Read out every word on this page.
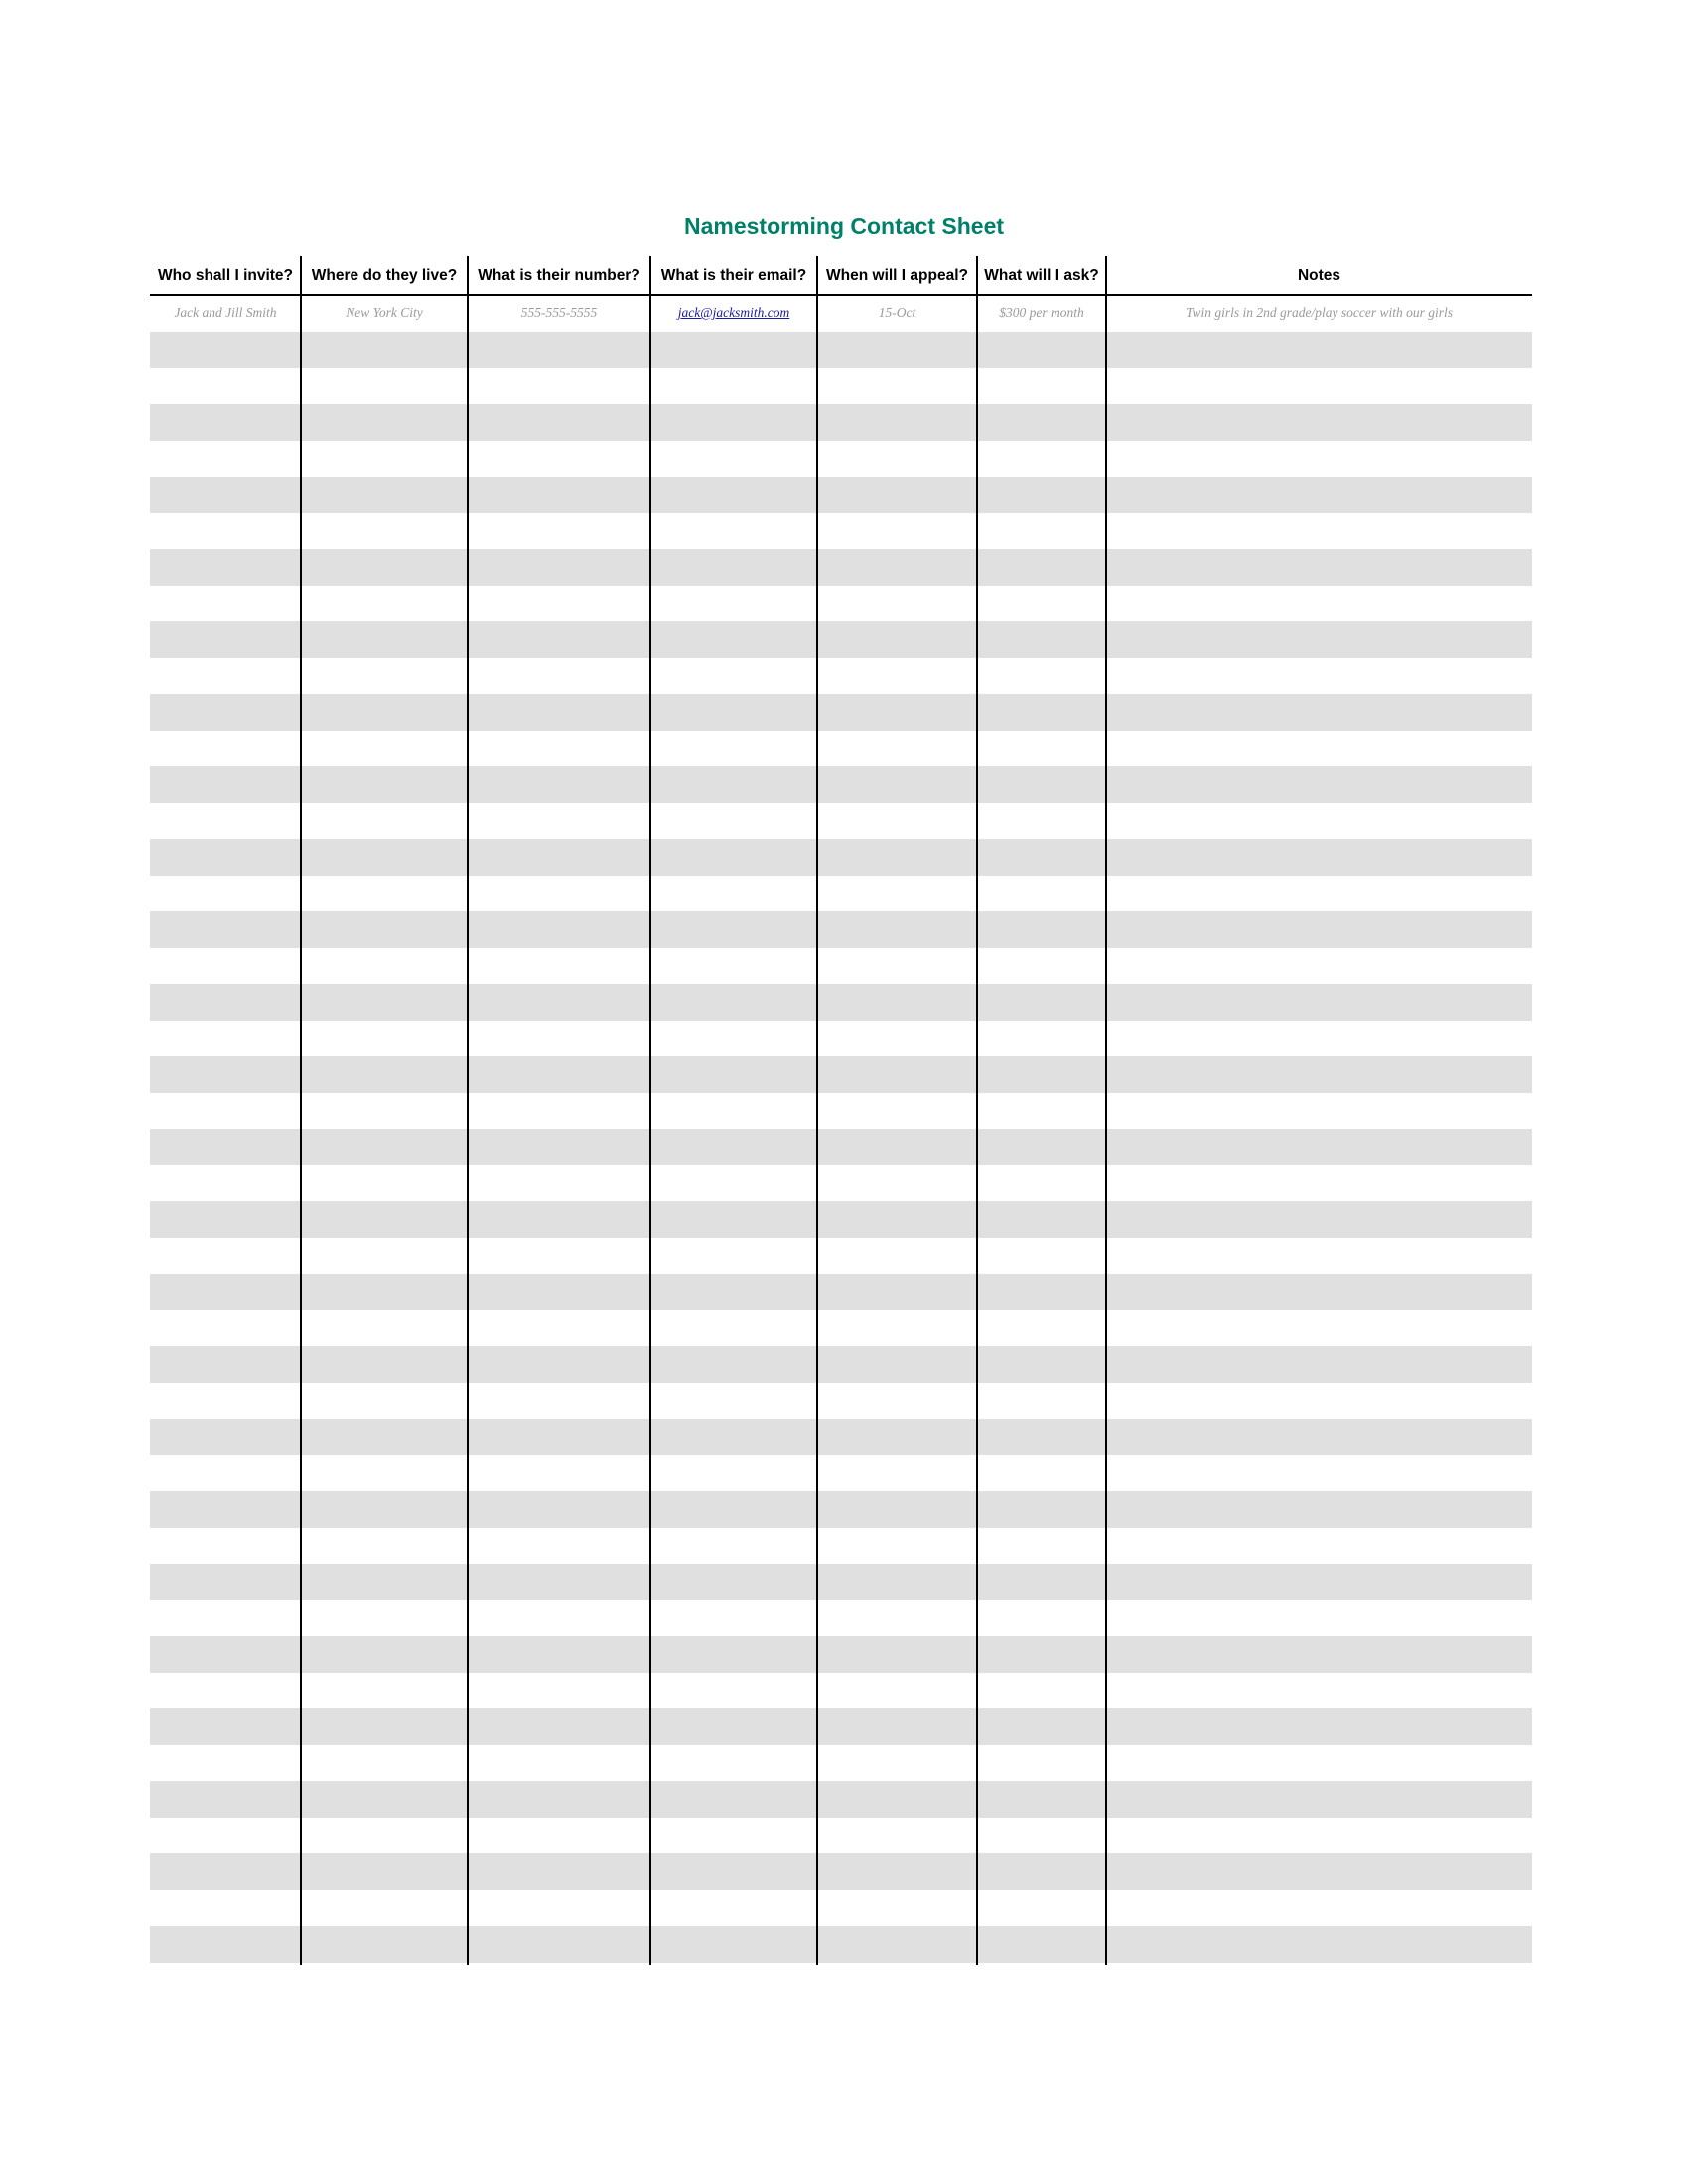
Namestorming Contact Sheet
Who shall I invite?	Where do they live?	What is their number?	What is their email?	When will I appeal?	What will I ask?	Notes
Jack and Jill Smith	New York City	555-555-5555	jack@jacksmith.com	15-Oct	$300 per month	Twin girls in 2nd grade/play soccer with our girls
